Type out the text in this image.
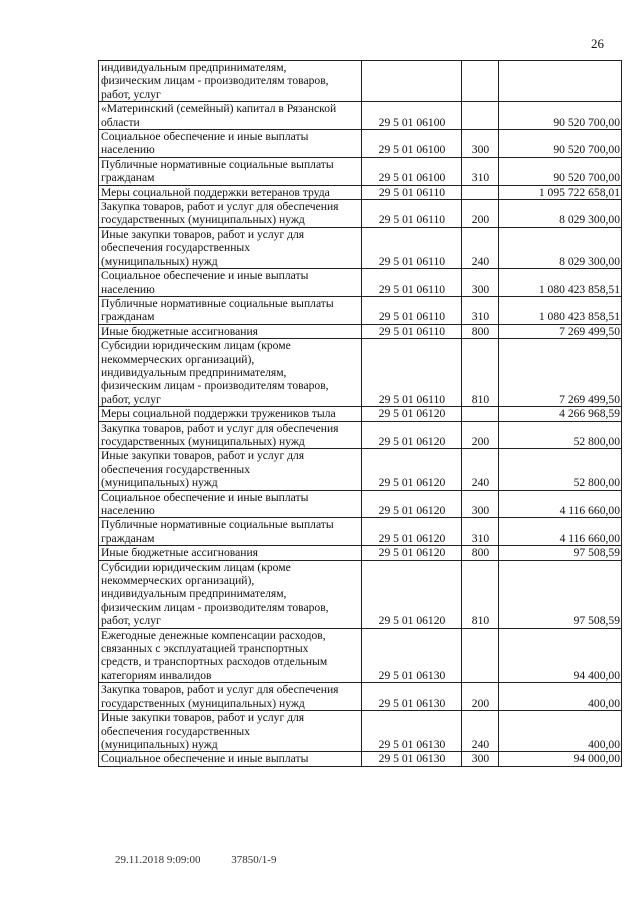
26
индивидуальным предпринимателям,
физическим лицам - производителям товаров,
работ, услуг			
«Материнский (семейный) капитал в Рязанской
области	29 5 01 06100		90 520 700,00
Социальное обеспечение и иные выплаты
населению	29 5 01 06100	300	90 520 700,00
Публичные нормативные социальные выплаты
гражданам	29 5 01 06100	310	90 520 700,00
Меры социальной поддержки ветеранов труда	29 5 01 06110		1 095 722 658,01
Закупка товаров, работ и услуг для обеспечения
государственных (муниципальных) нужд	29 5 01 06110	200	8 029 300,00
Иные закупки товаров, работ и услуг для
обеспечения государственных
(муниципальных) нужд	29 5 01 06110	240	8 029 300,00
Социальное обеспечение и иные выплаты
населению	29 5 01 06110	300	1 080 423 858,51
Публичные нормативные социальные выплаты
гражданам	29 5 01 06110	310	1 080 423 858,51
Иные бюджетные ассигнования	29 5 01 06110	800	7 269 499,50
Субсидии юридическим лицам (кроме
некоммерческих организаций),
индивидуальным предпринимателям,
физическим лицам - производителям товаров,
работ, услуг	29 5 01 06110	810	7 269 499,50
Меры социальной поддержки тружеников тыла	29 5 01 06120		4 266 968,59
Закупка товаров, работ и услуг для обеспечения
государственных (муниципальных) нужд	29 5 01 06120	200	52 800,00
Иные закупки товаров, работ и услуг для
обеспечения государственных
(муниципальных) нужд	29 5 01 06120	240	52 800,00
Социальное обеспечение и иные выплаты
населению	29 5 01 06120	300	4 116 660,00
Публичные нормативные социальные выплаты
гражданам	29 5 01 06120	310	4 116 660,00
Иные бюджетные ассигнования	29 5 01 06120	800	97 508,59
Субсидии юридическим лицам (кроме
некоммерческих организаций),
индивидуальным предпринимателям,
физическим лицам - производителям товаров,
работ, услуг	29 5 01 06120	810	97 508,59
Ежегодные денежные компенсации расходов,
связанных с эксплуатацией транспортных
средств, и транспортных расходов отдельным
категориям инвалидов	29 5 01 06130		94 400,00
Закупка товаров, работ и услуг для обеспечения
государственных (муниципальных) нужд	29 5 01 06130	200	400,00
Иные закупки товаров, работ и услуг для
обеспечения государственных
(муниципальных) нужд	29 5 01 06130	240	400,00
Социальное обеспечение и иные выплаты	29 5 01 06130	300	94 000,00
29.11.2018 9:09:00	37850/1-9
